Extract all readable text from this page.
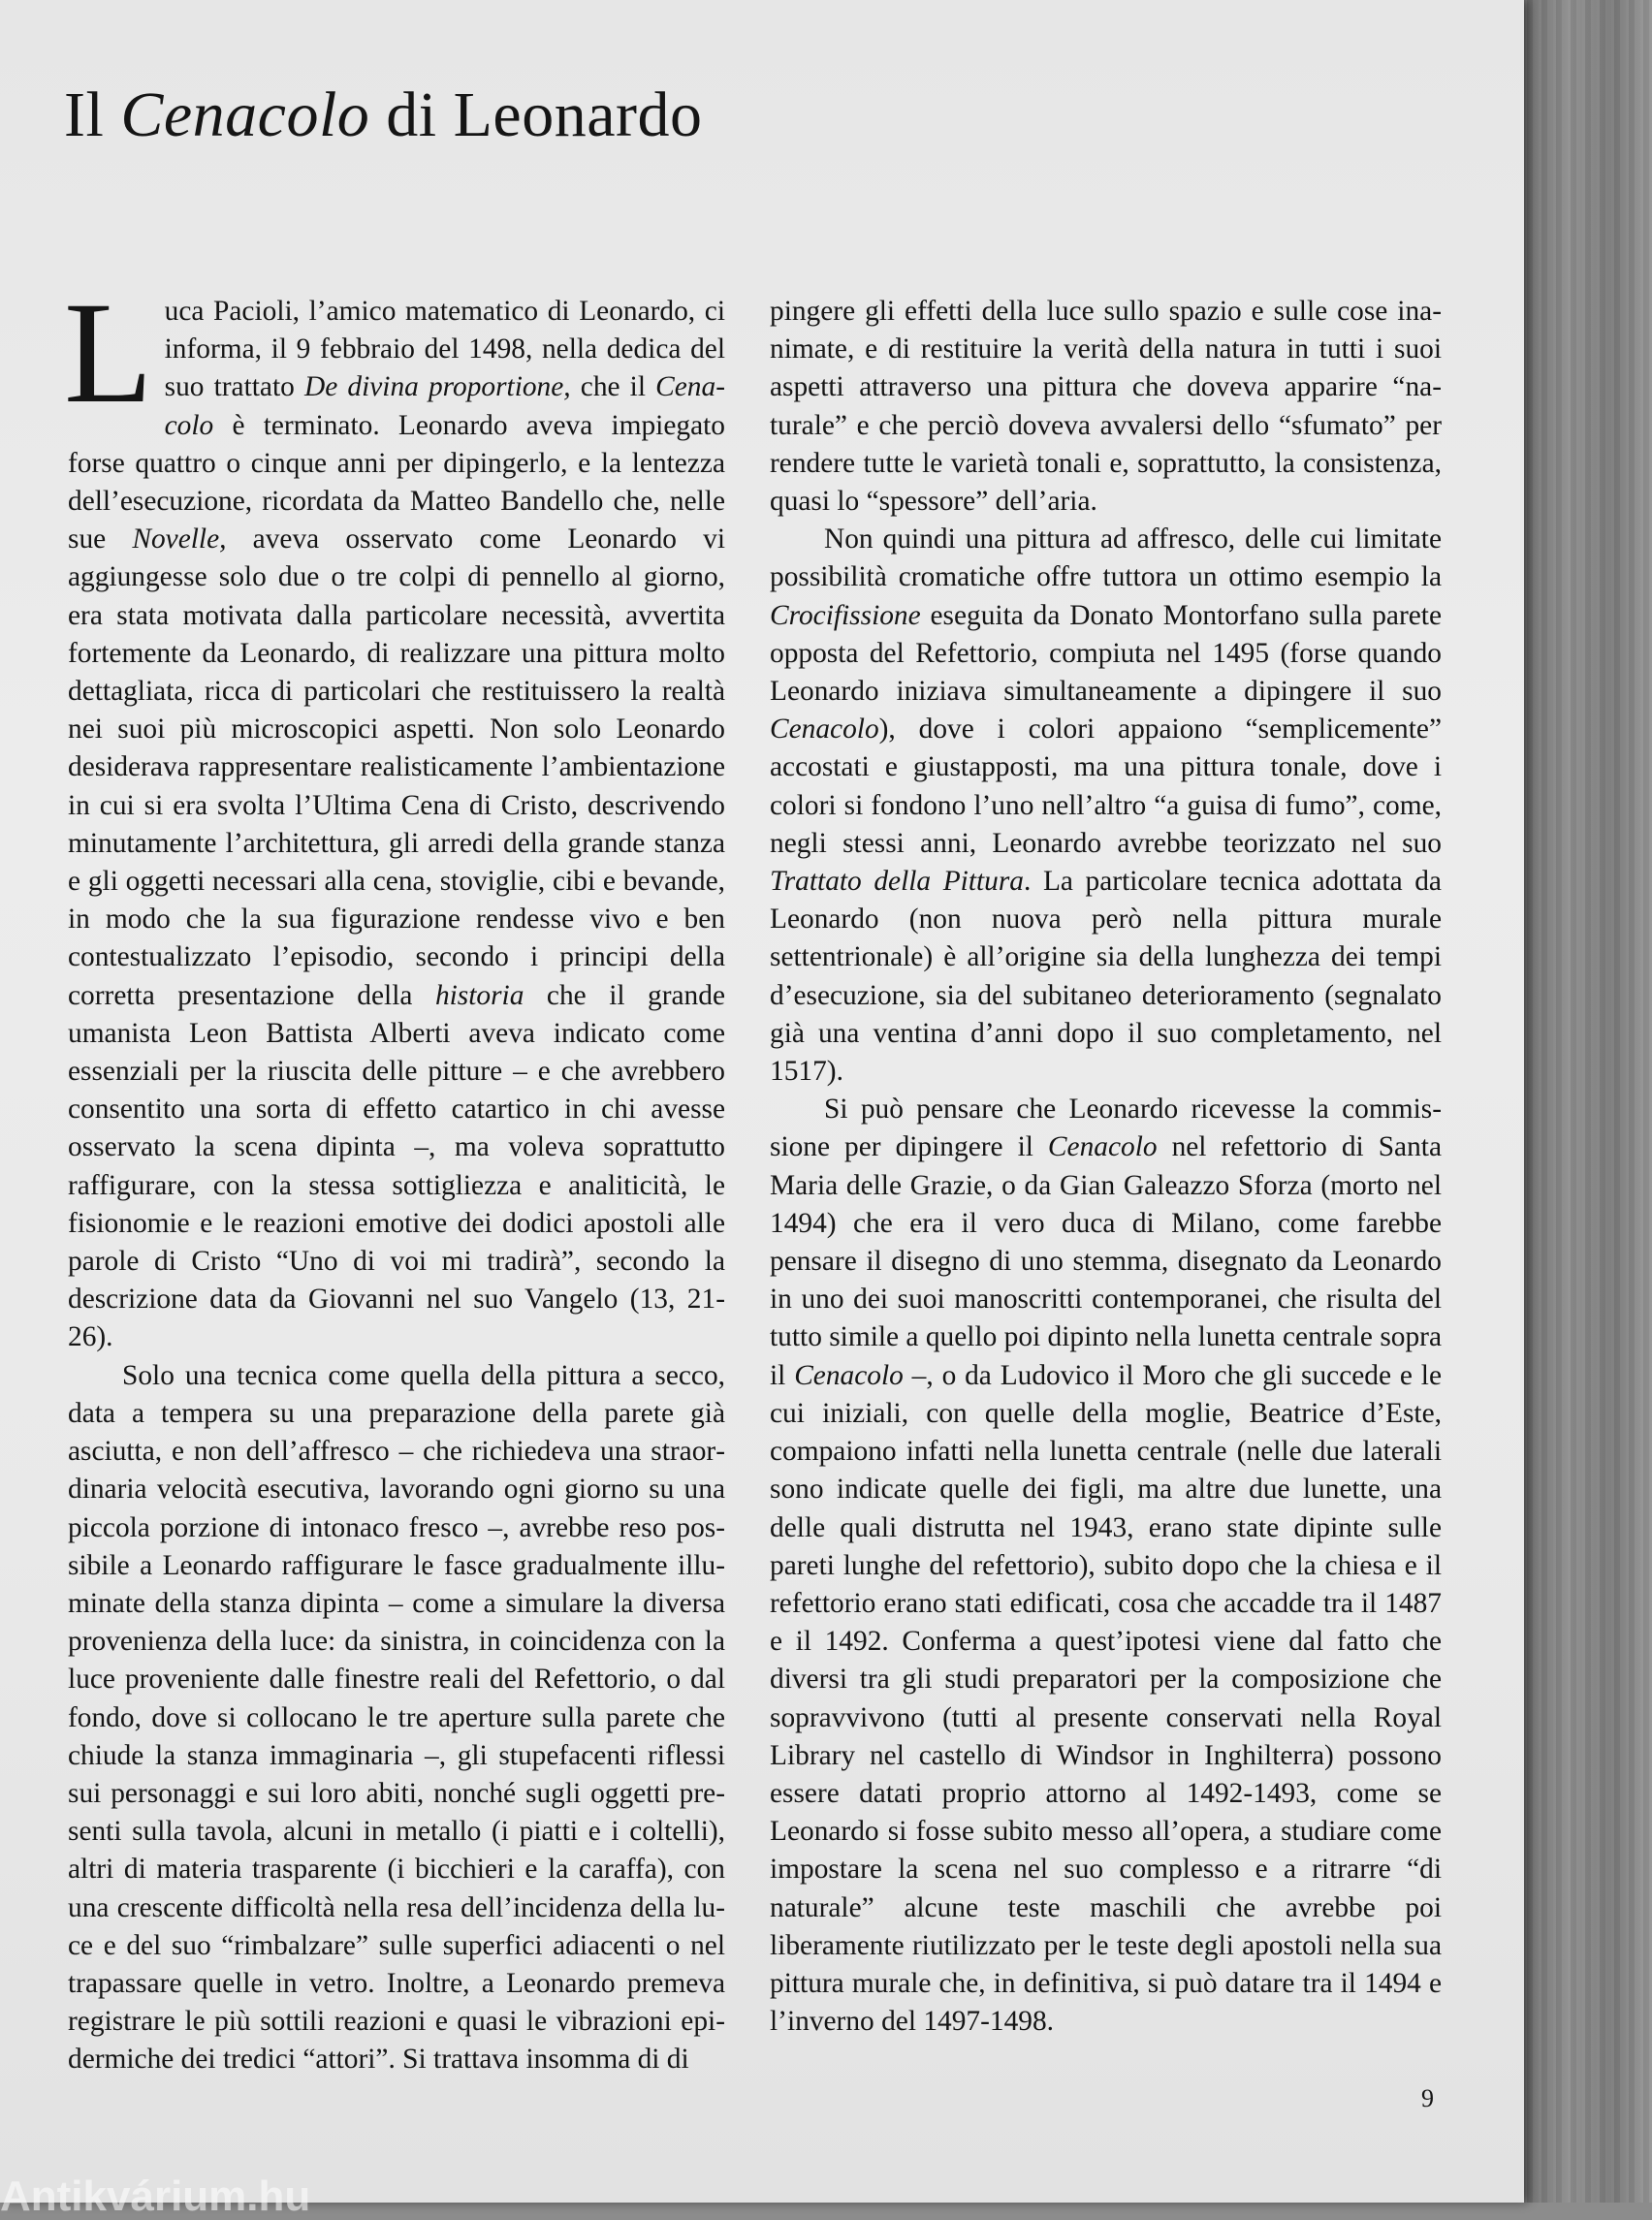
Il Cenacolo di Leonardo

Luca Pacioli, l’amico matematico di Leonardo, ci informa, il 9 febbraio del 1498, nella dedica del suo trattato De divina proportione, che il Cenacolo è terminato. Leonardo aveva impiegato forse quattro o cinque anni per dipingerlo, e la lentezza dell’esecuzione, ricordata da Matteo Bandello che, nelle sue Novelle, aveva osservato come Leonardo vi aggiungesse solo due o tre colpi di pennello al giorno, era stata motivata dalla particolare necessità, avvertita fortemente da Leonardo, di realizzare una pittura molto dettagliata, ricca di particolari che restituissero la realtà nei suoi più microscopici aspetti. Non solo Leonardo desiderava rappresentare realisticamente l’ambientazione in cui si era svolta l’Ultima Cena di Cristo, descrivendo minutamente l’architettura, gli arredi della grande stanza e gli oggetti necessari alla cena, stoviglie, cibi e bevande, in modo che la sua figurazione rendesse vivo e ben contestualizzato l’episodio, secondo i principi della corretta presentazione della historia che il grande umanista Leon Battista Alberti aveva indicato come essenziali per la riuscita delle pitture – e che avrebbero consentito una sorta di effetto catartico in chi avesse osservato la scena dipinta –, ma voleva soprattutto raffigurare, con la stessa sottigliezza e analiticità, le fisionomie e le reazioni emotive dei dodici apostoli alle parole di Cristo “Uno di voi mi tradirà”, secondo la descrizione data da Giovanni nel suo Vangelo (13, 21-26).

Solo una tecnica come quella della pittura a secco, data a tempera su una preparazione della parete già asciutta, e non dell’affresco – che richiedeva una straordinaria velocità esecutiva, lavorando ogni giorno su una piccola porzione di intonaco fresco –, avrebbe reso possibile a Leonardo raffigurare le fasce gradualmente illuminate della stanza dipinta – come a simulare la diversa provenienza della luce: da sinistra, in coincidenza con la luce proveniente dalle finestre reali del Refettorio, o dal fondo, dove si collocano le tre aperture sulla parete che chiude la stanza immaginaria –, gli stupefacenti riflessi sui personaggi e sui loro abiti, nonché sugli oggetti presenti sulla tavola, alcuni in metallo (i piatti e i coltelli), altri di materia trasparente (i bicchieri e la caraffa), con una crescente difficoltà nella resa dell’incidenza della luce e del suo “rimbalzare” sulle superfici adiacenti o nel trapassare quelle in vetro. Inoltre, a Leonardo premeva registrare le più sottili reazioni e quasi le vibrazioni epidermiche dei tredici “attori”. Si trattava insomma di di

pingere gli effetti della luce sullo spazio e sulle cose inanimate, e di restituire la verità della natura in tutti i suoi aspetti attraverso una pittura che doveva apparire “naturale” e che perciò doveva avvalersi dello “sfumato” per rendere tutte le varietà tonali e, soprattutto, la consistenza, quasi lo “spessore” dell’aria.

Non quindi una pittura ad affresco, delle cui limitate possibilità cromatiche offre tuttora un ottimo esempio la Crocifissione eseguita da Donato Montorfano sulla parete opposta del Refettorio, compiuta nel 1495 (forse quando Leonardo iniziava simultaneamente a dipingere il suo Cenacolo), dove i colori appaiono “semplicemente” accostati e giustapposti, ma una pittura tonale, dove i colori si fondono l’uno nell’altro “a guisa di fumo”, come, negli stessi anni, Leonardo avrebbe teorizzato nel suo Trattato della Pittura. La particolare tecnica adottata da Leonardo (non nuova però nella pittura murale settentrionale) è all’origine sia della lunghezza dei tempi d’esecuzione, sia del subitaneo deterioramento (segnalato già una ventina d’anni dopo il suo completamento, nel 1517).

Si può pensare che Leonardo ricevesse la commissione per dipingere il Cenacolo nel refettorio di Santa Maria delle Grazie, o da Gian Galeazzo Sforza (morto nel 1494) che era il vero duca di Milano, come farebbe pensare il disegno di uno stemma, disegnato da Leonardo in uno dei suoi manoscritti contemporanei, che risulta del tutto simile a quello poi dipinto nella lunetta centrale sopra il Cenacolo –, o da Ludovico il Moro che gli succede e le cui iniziali, con quelle della moglie, Beatrice d’Este, compaiono infatti nella lunetta centrale (nelle due laterali sono indicate quelle dei figli, ma altre due lunette, una delle quali distrutta nel 1943, erano state dipinte sulle pareti lunghe del refettorio), subito dopo che la chiesa e il refettorio erano stati edificati, cosa che accadde tra il 1487 e il 1492. Conferma a quest’ipotesi viene dal fatto che diversi tra gli studi preparatori per la composizione che sopravvivono (tutti al presente conservati nella Royal Library nel castello di Windsor in Inghilterra) possono essere datati proprio attorno al 1492-1493, come se Leonardo si fosse subito messo all’opera, a studiare come impostare la scena nel suo complesso e a ritrarre “di naturale” alcune teste maschili che avrebbe poi liberamente riutilizzato per le teste degli apostoli nella sua pittura murale che, in definitiva, si può datare tra il 1494 e l’inverno del 1497-1498.

9
Antikvárium.hu
